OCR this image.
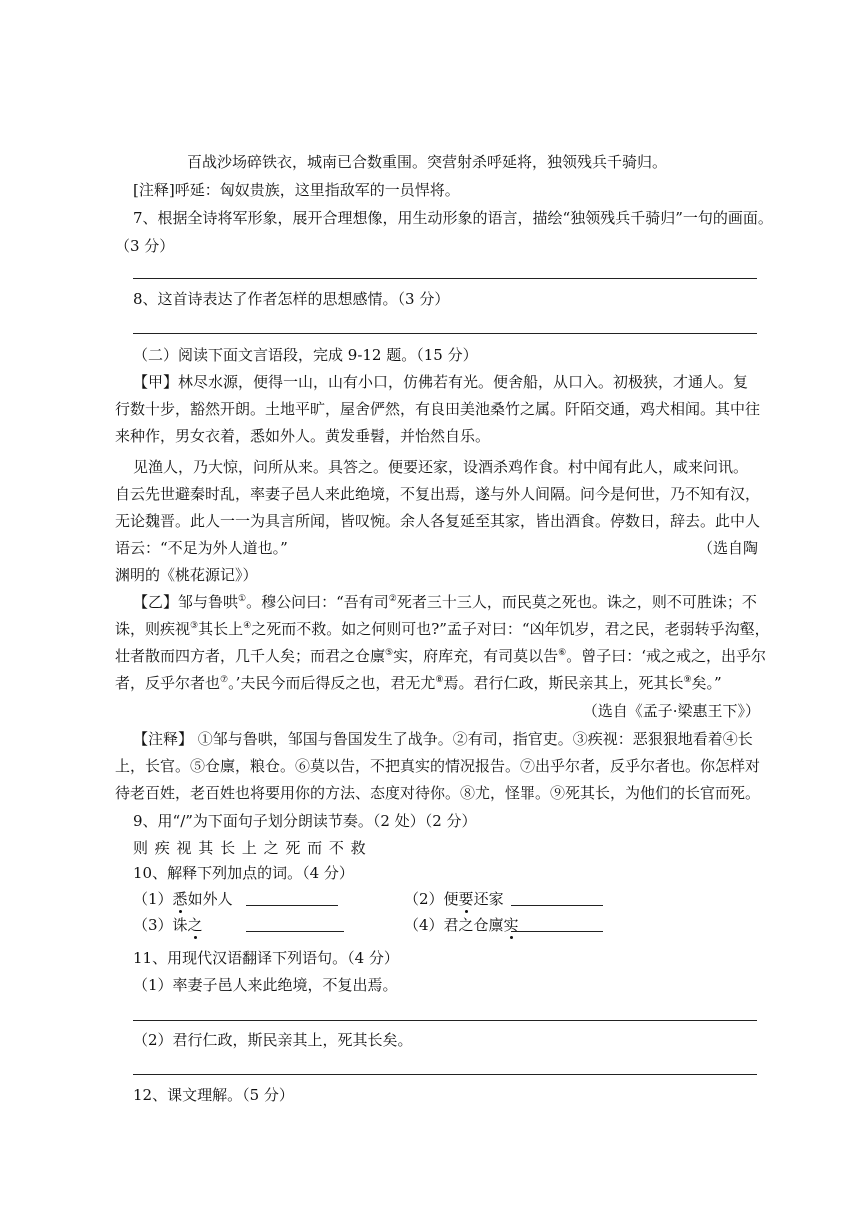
百战沙场碎铁衣，城南已合数重围。突营射杀呼延将，独领残兵千骑归。
[注释]呼延：匈奴贵族，这里指敌军的一员悍将。
7、根据全诗将军形象，展开合理想像，用生动形象的语言，描绘“独领残兵千骑归”一句的画面。
（3 分）
8、这首诗表达了作者怎样的思想感情。（3 分）
（二）阅读下面文言语段，完成 9-12 题。（15 分）
【甲】林尽水源，便得一山，山有小口，仿佛若有光。便舍船，从口入。初极狭，才通人。复
行数十步，豁然开朗。土地平旷，屋舍俨然，有良田美池桑竹之属。阡陌交通，鸡犬相闻。其中往
来种作，男女衣着，悉如外人。黄发垂髫，并怡然自乐。
见渔人，乃大惊，问所从来。具答之。便要还家，设酒杀鸡作食。村中闻有此人，咸来问讯。
自云先世避秦时乱，率妻子邑人来此绝境，不复出焉，遂与外人间隔。问今是何世，乃不知有汉，
无论魏晋。此人一一为具言所闻，皆叹惋。余人各复延至其家，皆出酒食。停数日，辞去。此中人
语云：“不足为外人道也。”	（选自陶
渊明的《桃花源记》）
【乙】邹与鲁哄①。穆公问曰：“吾有司②死者三十三人，而民莫之死也。诛之，则不可胜诛；不
诛，则疾视③其长上④之死而不救。如之何则可也?”孟子对曰：“凶年饥岁，君之民，老弱转乎沟壑，
壮者散而四方者，几千人矣；而君之仓廪⑤实，府库充，有司莫以告⑥。曾子曰：‘戒之戒之，出乎尔
者，反乎尔者也⑦。’夫民今而后得反之也，君无尤⑧焉。君行仁政，斯民亲其上，死其长⑨矣。”
（选自《孟子·梁惠王下》）
【注释】 ①邹与鲁哄，邹国与鲁国发生了战争。②有司，指官吏。③疾视：恶狠狠地看着④长
上，长官。⑤仓廪，粮仓。⑥莫以告，不把真实的情况报告。⑦出乎尔者，反乎尔者也。你怎样对
待老百姓，老百姓也将要用你的方法、态度对待你。⑧尤，怪罪。⑨死其长，为他们的长官而死。
9、用“/”为下面句子划分朗读节奏。（2 处）（2 分）
则 疾 视 其 长 上 之 死 而 不 救
10、解释下列加点的词。（4 分）
（1）悉如外人	（2）便要还家
（3）诛之	（4）君之仓廪实
11、用现代汉语翻译下列语句。（4 分）
（1）率妻子邑人来此绝境，不复出焉。
（2）君行仁政，斯民亲其上，死其长矣。
12、课文理解。（5 分）
